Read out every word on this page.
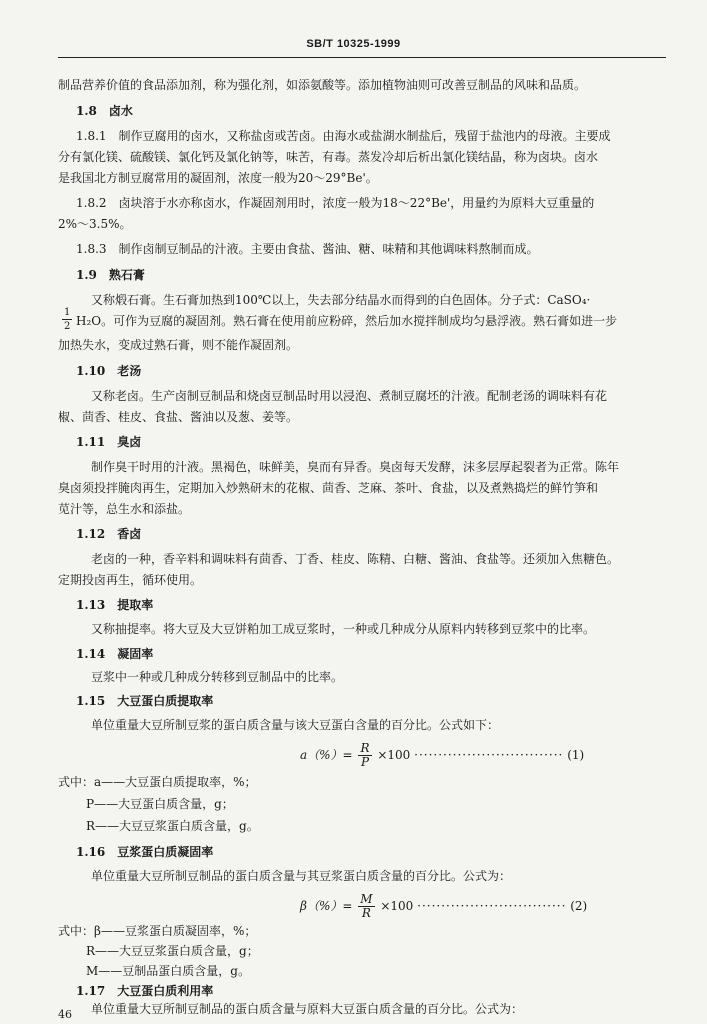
SB/T 10325-1999
制品营养价值的食品添加剂，称为强化剂，如添氨酸等。添加植物油则可改善豆制品的风味和品质。
1.8　卤水
1.8.1　制作豆腐用的卤水，又称盐卤或苦卤。由海水或盐湖水制盐后，残留于盐池内的母液。主要成
分有氯化镁、硫酸镁、氯化钙及氯化钠等，味苦，有毒。蒸发冷却后析出氯化镁结晶，称为卤块。卤水
是我国北方制豆腐常用的凝固剂，浓度一般为20～29°Be'。
1.8.2　卤块溶于水亦称卤水，作凝固剂用时，浓度一般为18～22°Be'，用量约为原料大豆重量的
2%～3.5%。
1.8.3　制作卤制豆制品的汁液。主要由食盐、酱油、糖、味精和其他调味料熬制而成。
1.9　熟石膏
又称煅石膏。生石膏加热到100℃以上，失去部分结晶水而得到的白色固体。分子式：CaSO₄·
$\frac{1}{2} H_2O$。可作为豆腐的凝固剂。熟石膏在使用前应粉碎，然后加水搅拌制成均匀悬浮液。熟石膏如进一步
加热失水，变成过熟石膏，则不能作凝固剂。
1.10　老汤
又称老卤。生产卤制豆制品和烧卤豆制品时用以浸泡、煮制豆腐坯的汁液。配制老汤的调味料有花
椒、茴香、桂皮、食盐、酱油以及葱、姜等。
1.11　臭卤
制作臭干时用的汁液。黑褐色，味鲜美，臭而有异香。臭卤每天发酵，沫多层厚起裂者为正常。陈年
臭卤须投拌腌肉再生，定期加入炒熟研末的花椒、茴香、芝麻、茶叶、食盐，以及煮熟捣烂的鲜竹笋和
苋汁等，总生水和添盐。
1.12　香卤
老卤的一种，香辛料和调味料有茴香、丁香、桂皮、陈精、白糖、酱油、食盐等。还须加入焦糖色。
定期投卤再生，循环使用。
1.13　提取率
又称抽提率。将大豆及大豆饼粕加工成豆浆时，一种或几种成分从原料内转移到豆浆中的比率。
1.14　凝固率
豆浆中一种或几种成分转移到豆制品中的比率。
1.15　大豆蛋白质提取率
单位重量大豆所制豆浆的蛋白质含量与该大豆蛋白含量的百分比。公式如下：
$a(\%)= \frac{R}{P} \times 100$ ······························· (1)
式中：a——大豆蛋白质提取率，%；
P——大豆蛋白质含量，g；
R——大豆豆浆蛋白质含量，g。
1.16　豆浆蛋白质凝固率
单位重量大豆所制豆制品的蛋白质含量与其豆浆蛋白质含量的百分比。公式为：
$\beta(\%)= \frac{M}{R} \times 100$ ······························· (2)
式中：β——豆浆蛋白质凝固率，%；
R——大豆豆浆蛋白质含量，g；
M——豆制品蛋白质含量，g。
1.17　大豆蛋白质利用率
单位重量大豆所制豆制品的蛋白质含量与原料大豆蛋白质含量的百分比。公式为：
46
